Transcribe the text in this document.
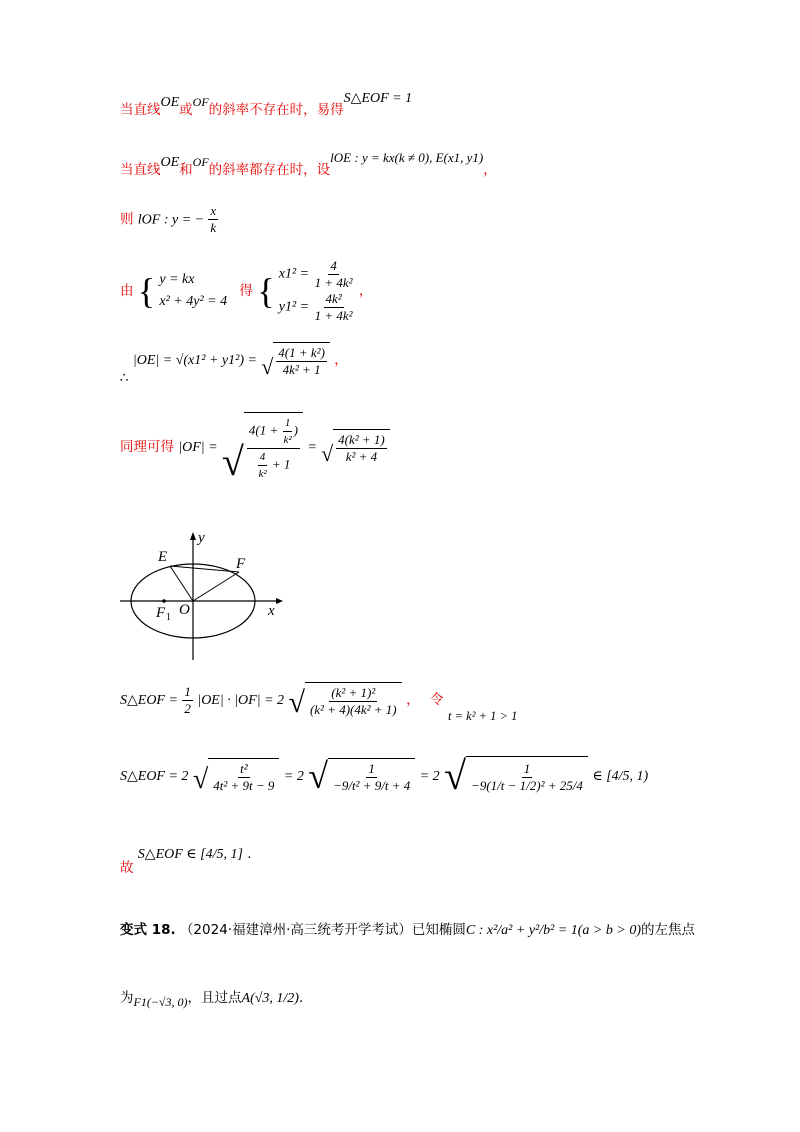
当直线OE或OF的斜率不存在时，易得S△EOF = 1
当直线OE和OF的斜率都存在时，设lOE : y = kx(k ≠ 0), E(x1, y1)，
则 lOF : y = − $\frac{x}{k}$
由 { y = kx
x² + 4y² = 4
得 { $x1^2 = \frac{4}{\text{1 + 4k²}}$
$y1^2 = \frac{\text{4k²}}{\text{1 + 4k²}}$ ，
∴ |OE| = √(x1² + y1²) = √ $\frac{\text{4(1 + k²)}}{\text{4k² + 1}}$ ，
同理可得 |OF| = √ $\frac{4(1 + \frac{1}{\text{k²}} )}{\frac{4}{\text{k²}} + 1}$ = √ $\frac{\text{4(k² + 1)}}{\text{k² + 4}}$
y
E	F
F 1 O	x
S△EOF = $\frac{1}{2} |OE| \cdot |OF| = 2$ √ $\frac{\text{(k² + 1)²}}{\text{(k² + 4)(4k² + 1)}}$ ， 令 t = k² + 1 > 1
S△EOF = 2 √ $\frac{\text{t²}}{\text{4t² + 9t − 9}} = 2$ √ $\frac{1}{\text{−9/t² + 9/t + 4}} = 2$ √ $\frac{1}{\text{−9(1/t − 1/2)² + 25/4}}$ ∈ [4/5, 1)
故 S△EOF ∈ [4/5, 1] .
变式 18. （2024·福建漳州·高三统考开学考试）已知椭圆C : x²/a² + y²/b² = 1(a > b > 0)的左焦点
为F1(−√3, 0)，且过点A(√3, 1/2).
